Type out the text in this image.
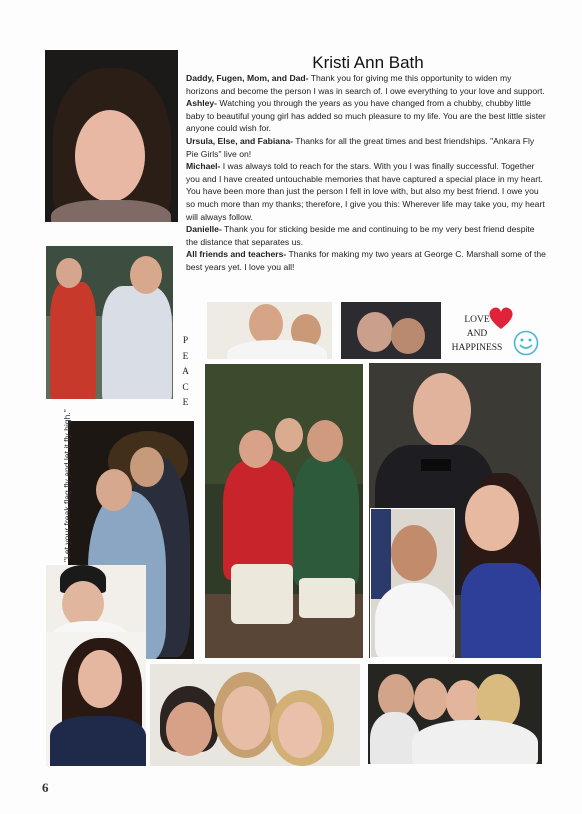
LOVE
AND
HAPPINESS
Kristi Ann Bath

Daddy, Fugen, Mom, and Dad- Thank you for giving me this opportunity to widen my horizons and become the person I was in search of. I owe everything to your love and support.

Ashley- Watching you through the years as you have changed from a chubby, chubby little baby to beautiful young girl has added so much pleasure to my life. You are the best little sister anyone could wish for.

Ursula, Else, and Fabiana- Thanks for all the great times and best friendships. "Ankara Fly Pie Girls" live on!

Michael- I was always told to reach for the stars. With you I was finally successful. Together you and I have created untouchable memories that have captured a special place in my heart. You have been more than just the person I fell in love with, but also my best friend. I owe you so much more than my thanks; therefore, I give you this: Wherever life may take you, my heart will always follow.

Danielle- Thank you for sticking beside me and continuing to be my very best friend despite the distance that separates us.

All friends and teachers- Thanks for making my two years at George C. Marshall some of the best years yet. I love you all!

P
E
A
C
E
"Let your freak flag fly and let it fly high."
6
